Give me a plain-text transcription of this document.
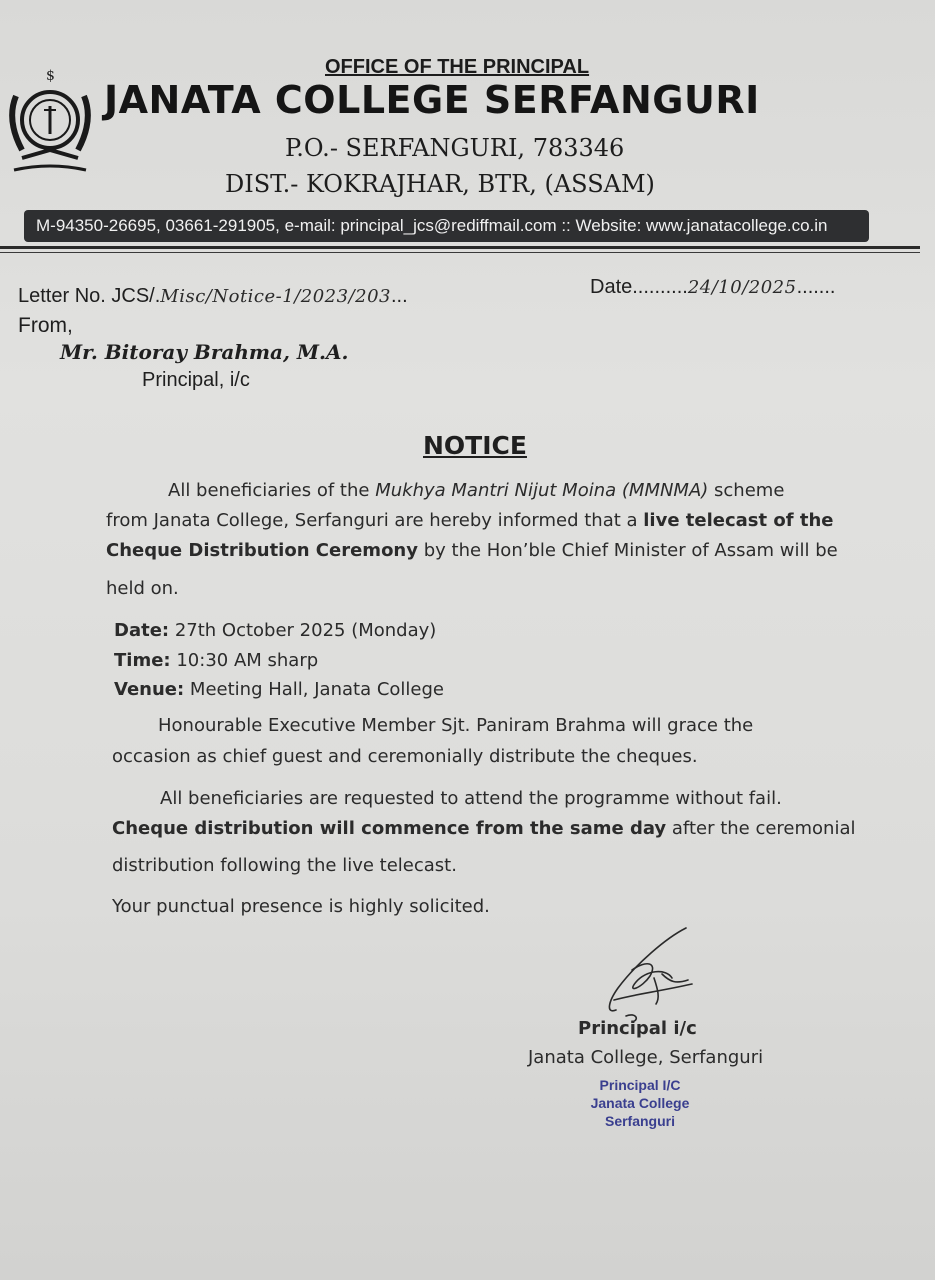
$	OFFICE OF THE PRINCIPAL
JANATA COLLEGE SERFANGURI
P.O.- SERFANGURI, 783346
DIST.- KOKRAJHAR, BTR, (ASSAM)
M-94350-26695, 03661-291905, e-mail: principal_jcs@rediffmail.com :: Website: www.janatacollege.co.in
Letter No. JCS/.Misc/Notice-1/2023/203...	Date..........24/10/2025.......
From,
Mr. Bitoray Brahma, M.A.
Principal, i/c
NOTICE
All beneficiaries of the Mukhya Mantri Nijut Moina (MMNMA) scheme
from Janata College, Serfanguri are hereby informed that a live telecast of the
Cheque Distribution Ceremony by the Hon’ble Chief Minister of Assam will be
held on.
Date: 27th October 2025 (Monday)
Time: 10:30 AM sharp
Venue: Meeting Hall, Janata College
Honourable Executive Member Sjt. Paniram Brahma will grace the
occasion as chief guest and ceremonially distribute the cheques.
All beneficiaries are requested to attend the programme without fail.
Cheque distribution will commence from the same day after the ceremonial
distribution following the live telecast.
Your punctual presence is highly solicited.
Principal i/c
Janata College, Serfanguri
Principal I/C
Janata College
Serfanguri
